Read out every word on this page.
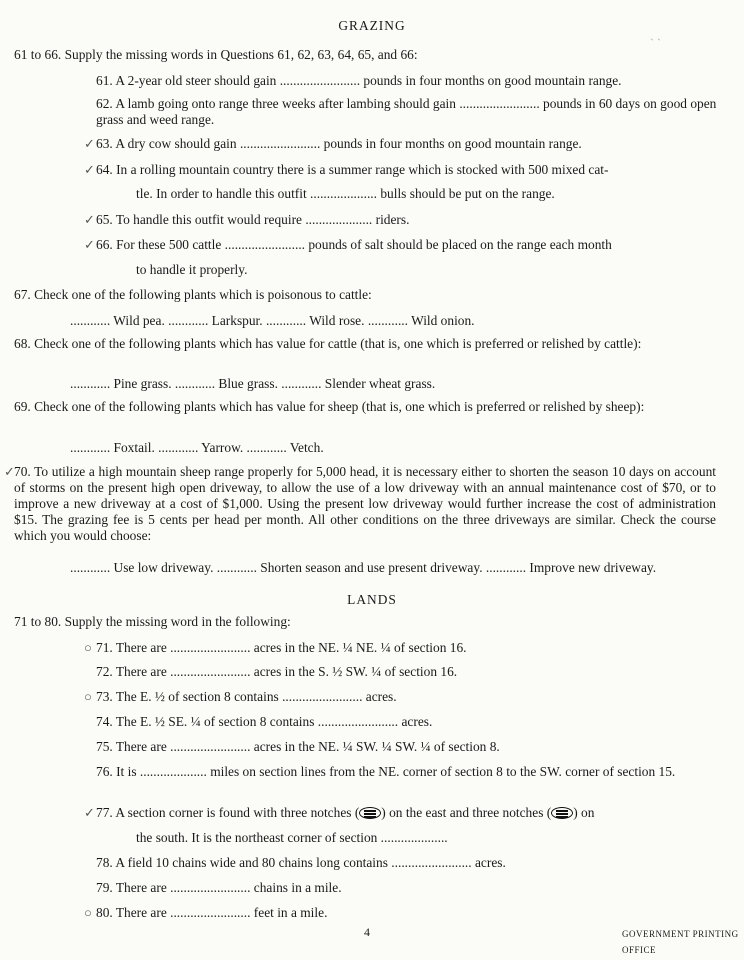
GRAZING
ˎ ˎ
61 to 66. Supply the missing words in Questions 61, 62, 63, 64, 65, and 66:
61. A 2-year old steer should gain ........................ pounds in four months on good mountain range.
62. A lamb going onto range three weeks after lambing should gain ........................ pounds in 60 days on good open grass and weed range.
✓ 63. A dry cow should gain ........................ pounds in four months on good mountain range.
✓ 64. In a rolling mountain country there is a summer range which is stocked with 500 mixed cat-
tle. In order to handle this outfit .................... bulls should be put on the range.
✓ 65. To handle this outfit would require .................... riders.
✓ 66. For these 500 cattle ........................ pounds of salt should be placed on the range each month
to handle it properly.
67. Check one of the following plants which is poisonous to cattle:
............ Wild pea. ............ Larkspur. ............ Wild rose. ............ Wild onion.
68. Check one of the following plants which has value for cattle (that is, one which is preferred or relished by cattle):
............ Pine grass. ............ Blue grass. ............ Slender wheat grass.
69. Check one of the following plants which has value for sheep (that is, one which is preferred or relished by sheep):
............ Foxtail. ............ Yarrow. ............ Vetch.
✓ 70. To utilize a high mountain sheep range properly for 5,000 head, it is necessary either to shorten the season 10 days on account of storms on the present high open driveway, to allow the use of a low driveway with an annual maintenance cost of $70, or to improve a new driveway at a cost of $1,000. Using the present low driveway would further increase the cost of administration $15. The grazing fee is 5 cents per head per month. All other conditions on the three driveways are similar. Check the course which you would choose:
............ Use low driveway. ............ Shorten season and use present driveway. ............ Improve new driveway.
LANDS
71 to 80. Supply the missing word in the following:
○ 71. There are ........................ acres in the NE. ¼ NE. ¼ of section 16.
72. There are ........................ acres in the S. ½ SW. ¼ of section 16.
○ 73. The E. ½ of section 8 contains ........................ acres.
74. The E. ½ SE. ¼ of section 8 contains ........................ acres.
75. There are ........................ acres in the NE. ¼ SW. ¼ SW. ¼ of section 8.
76. It is .................... miles on section lines from the NE. corner of section 8 to the SW. corner of section 15.
✓ 77. A section corner is found with three notches ( ) on the east and three notches ( ) on
the south. It is the northeast corner of section ....................
78. A field 10 chains wide and 80 chains long contains ........................ acres.
79. There are ........................ chains in a mile.
○ 80. There are ........................ feet in a mile.
4	GOVERNMENT PRINTING OFFICE
